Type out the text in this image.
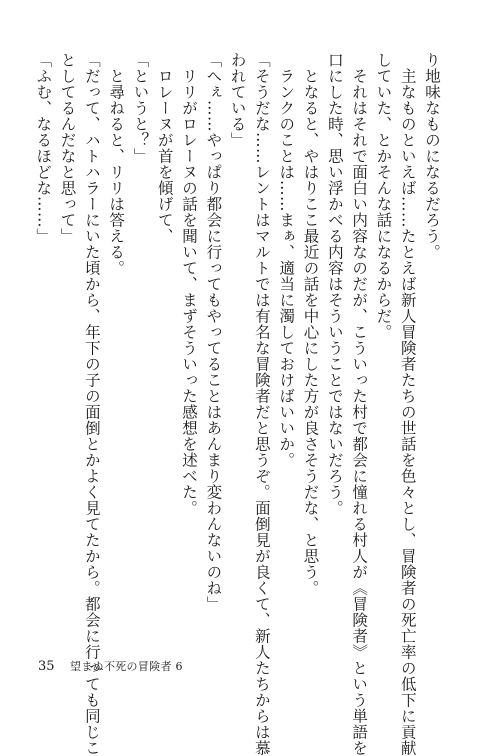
り地味なものになるだろう。

　主なものといえば……たとえば新人冒険者たちの世話を色々とし、冒険者の死亡率の低下に貢献

していた、とかそんな話になるからだ。

　それはそれで面白い内容なのだが、こういった村で都会に憧れる村人が《冒険者》という単語を

口にした時、思い浮かべる内容はそういうことではないだろう。

　となると、やはりここ最近の話を中心にした方が良さそうだな、と思う。

　ランクのことは……まぁ、適当に濁しておけばいいか。

「そうだな……レントはマルトでは有名な冒険者だと思うぞ。面倒見が良くて、新人たちからは慕

われている」

「へぇ……やっぱり都会に行ってもやってることはあんまり変わんないのね」

　リリがロレーヌの話を聞いて、まずそういった感想を述べた。

　ロレーヌが首を傾げて、

「というと？」

　と尋ねると、リリは答える。

「だって、ハトハラーにいた頃から、年下の子の面倒とかよく見てたから。都会に行っても同じこ

としてるんだなと思って」

「ふむ、なるほどな……」

35 望まぬ不死の冒険者 6
